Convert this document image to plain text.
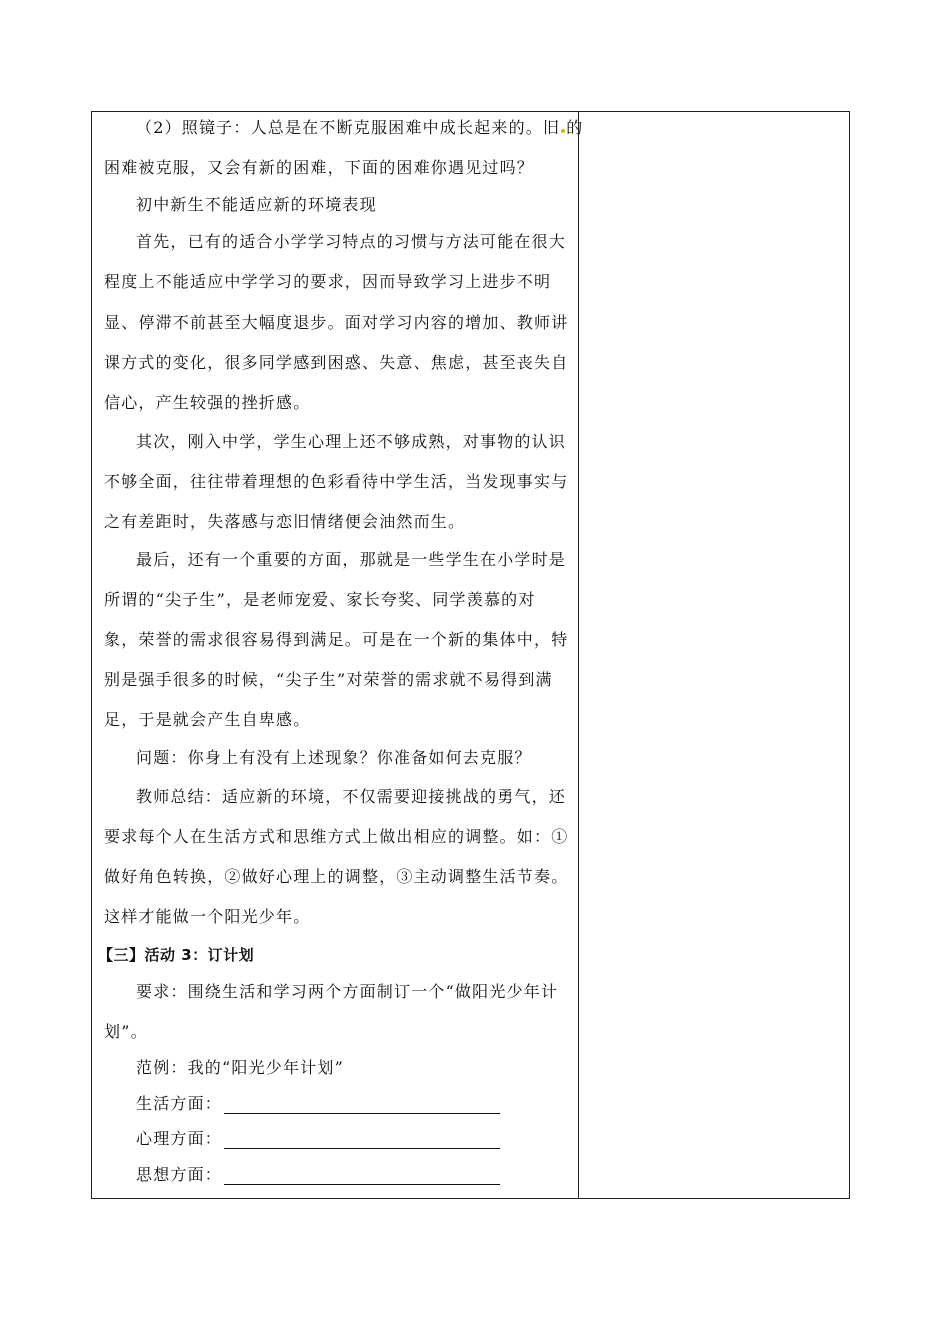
（2）照镜子：人总是在不断克服困难中成长起来的。旧 的
困难被克服，又会有新的困难，下面的困难你遇见过吗？
初中新生不能适应新的环境表现
首先，已有的适合小学学习特点的习惯与方法可能在很大
程度上不能适应中学学习的要求，因而导致学习上进步不明
显、停滞不前甚至大幅度退步。面对学习内容的增加、教师讲
课方式的变化，很多同学感到困惑、失意、焦虑，甚至丧失自
信心，产生较强的挫折感。
其次，刚入中学，学生心理上还不够成熟，对事物的认识
不够全面，往往带着理想的色彩看待中学生活，当发现事实与
之有差距时，失落感与恋旧情绪便会油然而生。
最后，还有一个重要的方面，那就是一些学生在小学时是
所谓的“尖子生”，是老师宠爱、家长夸奖、同学羡慕的对
象，荣誉的需求很容易得到满足。可是在一个新的集体中，特
别是强手很多的时候，“尖子生”对荣誉的需求就不易得到满
足，于是就会产生自卑感。
问题：你身上有没有上述现象？你准备如何去克服？
教师总结：适应新的环境，不仅需要迎接挑战的勇气，还
要求每个人在生活方式和思维方式上做出相应的调整。如：①
做好角色转换，②做好心理上的调整，③主动调整生活节奏。
这样才能做一个阳光少年。
【三】活动 3：订计划
要求：围绕生活和学习两个方面制订一个“做阳光少年计
划”。
范例：我的“阳光少年计划”
生活方面：
心理方面：
思想方面：
